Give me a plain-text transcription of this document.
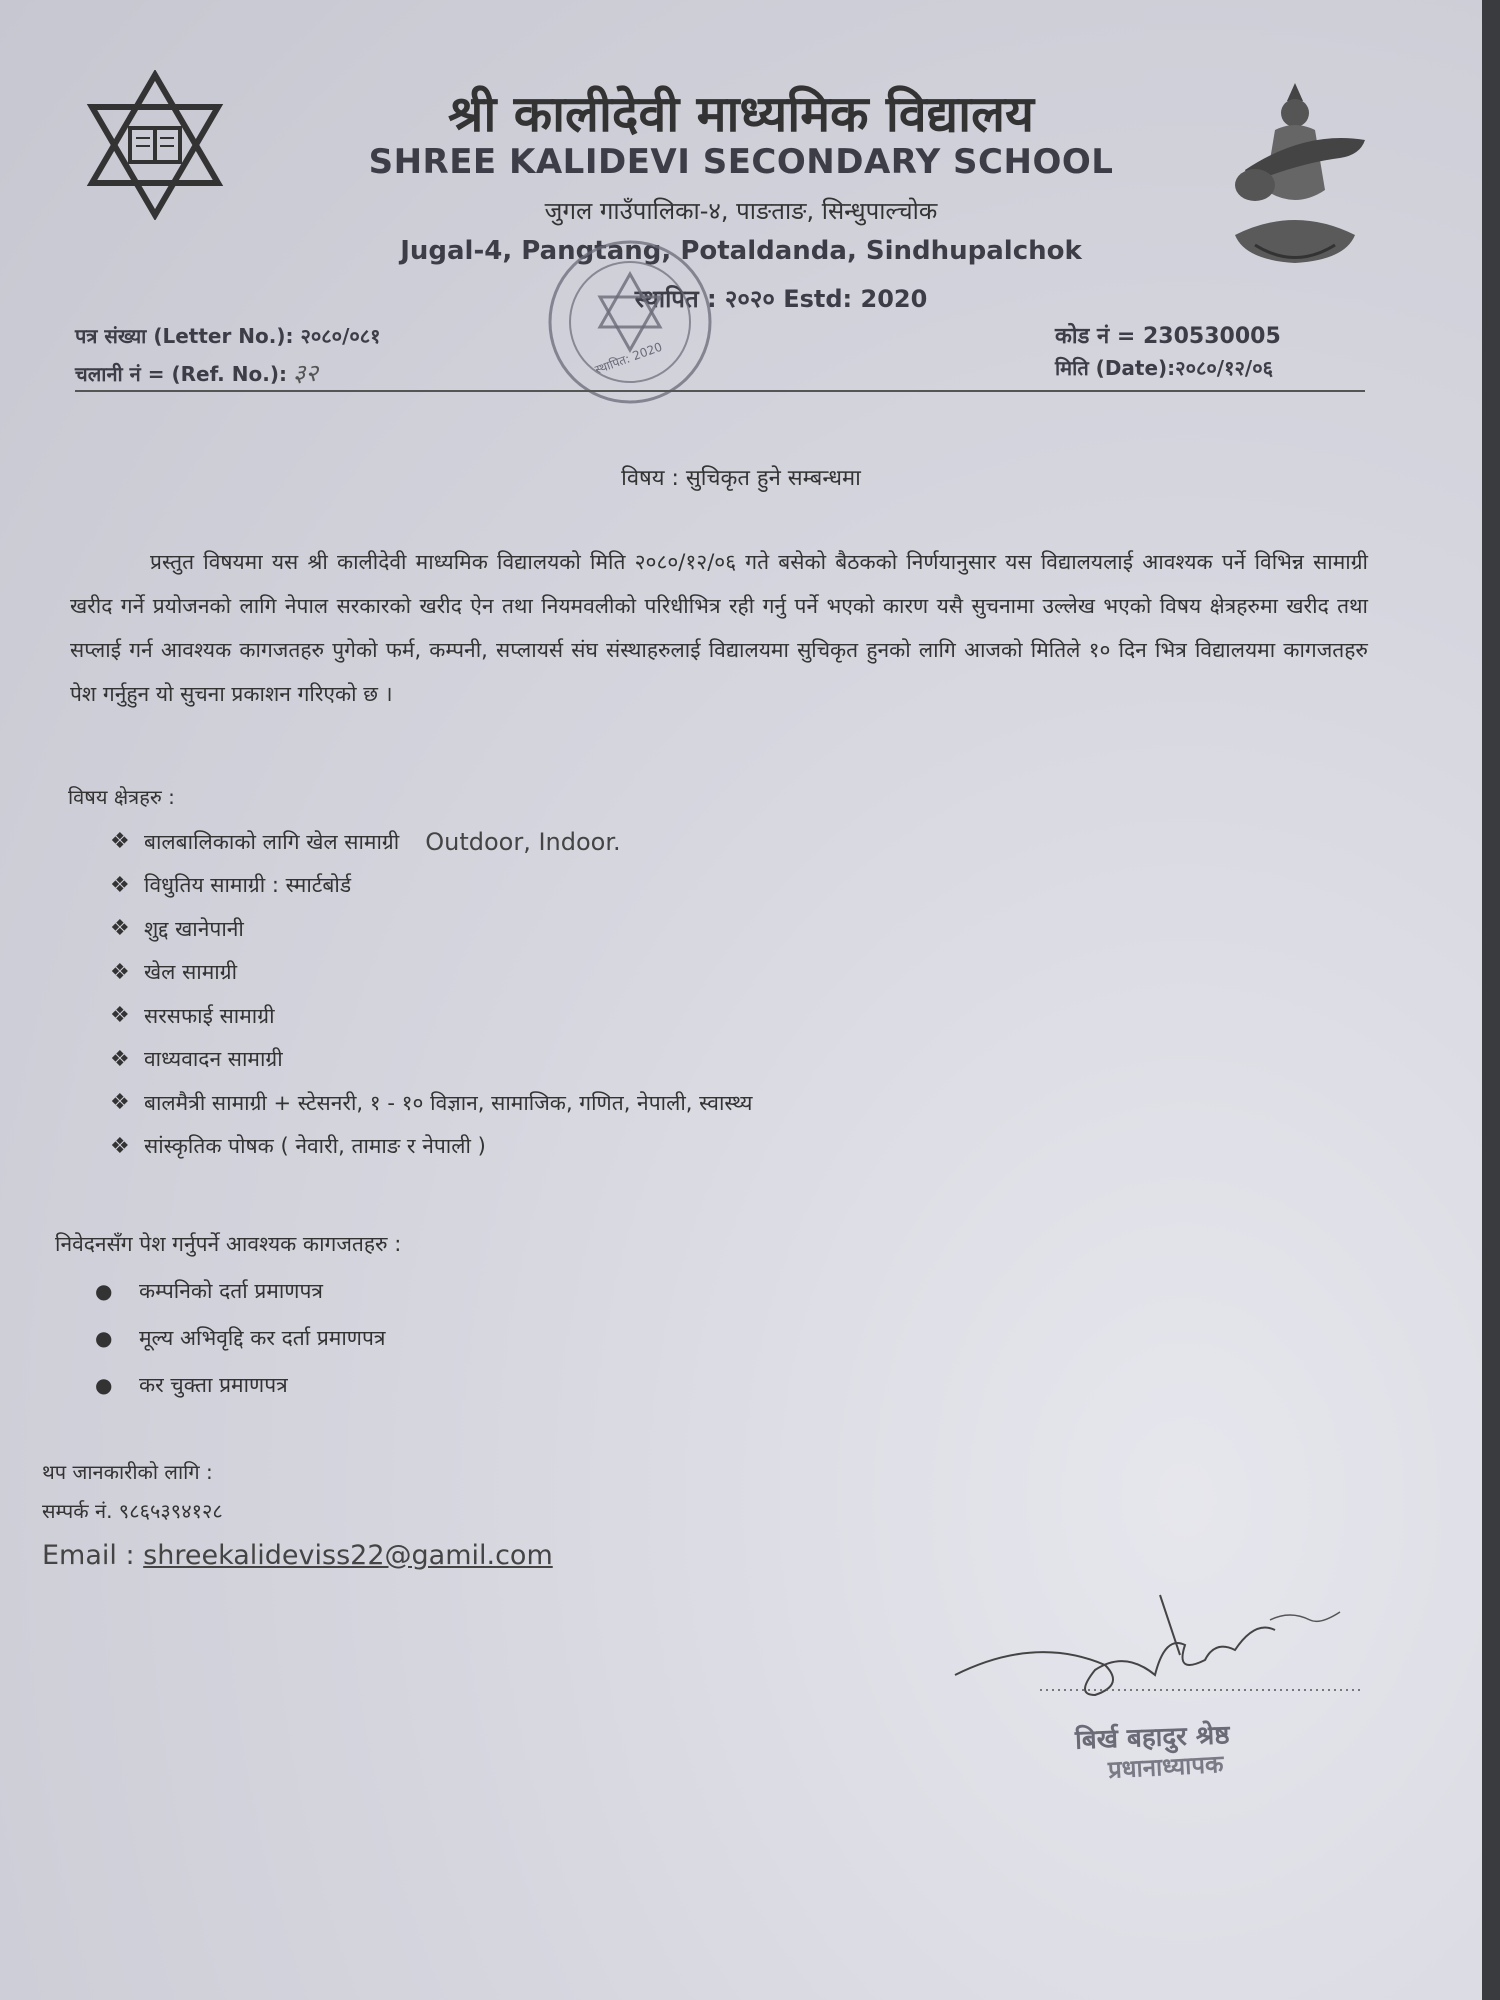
श्री कालीदेवी माध्यमिक विद्यालय
SHREE KALIDEVI SECONDARY SCHOOL
जुगल गाउँपालिका-४, पाङताङ, सिन्धुपाल्चोक
Jugal-4, Pangtang, Potaldanda, Sindhupalchok
स्थापित : २०२० Estd: 2020
स्थापित: 2020
पत्र संख्या (Letter No.): २०८०/०८१
चलानी नं = (Ref. No.): ३२
कोड नं = 230530005
मिति (Date):२०८०/१२/०६
विषय : सुचिकृत हुने सम्बन्धमा
प्रस्तुत विषयमा यस श्री कालीदेवी माध्यमिक विद्यालयको मिति २०८०/१२/०६ गते बसेको बैठकको निर्णयानुसार यस विद्यालयलाई आवश्यक पर्ने विभिन्न सामाग्री खरीद गर्ने प्रयोजनको लागि नेपाल सरकारको खरीद ऐन तथा नियमवलीको परिधीभित्र रही गर्नु पर्ने भएको कारण यसै सुचनामा उल्लेख भएको विषय क्षेत्रहरुमा खरीद तथा सप्लाई गर्न आवश्यक कागजतहरु पुगेको फर्म, कम्पनी, सप्लायर्स संघ संस्थाहरुलाई विद्यालयमा सुचिकृत हुनको लागि आजको मितिले १० दिन भित्र विद्यालयमा कागजतहरु पेश गर्नुहुन यो सुचना प्रकाशन गरिएको छ ।
विषय क्षेत्रहरु :
❖ बालबालिकाको लागि खेल सामाग्री Outdoor, Indoor.
❖ विधुतिय सामाग्री : स्मार्टबोर्ड
❖ शुद्द खानेपानी
❖ खेल सामाग्री
❖ सरसफाई सामाग्री
❖ वाध्यवादन सामाग्री
❖ बालमैत्री सामाग्री + स्टेसनरी, १ - १० विज्ञान, सामाजिक, गणित, नेपाली, स्वास्थ्य
❖ सांस्कृतिक पोषक ( नेवारी, तामाङ र नेपाली )
निवेदनसँग पेश गर्नुपर्ने आवश्यक कागजतहरु :
●	कम्पनिको दर्ता प्रमाणपत्र
●	मूल्य अभिवृद्दि कर दर्ता प्रमाणपत्र
●	कर चुक्ता प्रमाणपत्र
थप जानकारीको लागि :
सम्पर्क नं. ९८६५३९४१२८
Email : shreekalideviss22@gamil.com
बिर्ख बहादुर श्रेष्ठ
प्रधानाध्यापक
